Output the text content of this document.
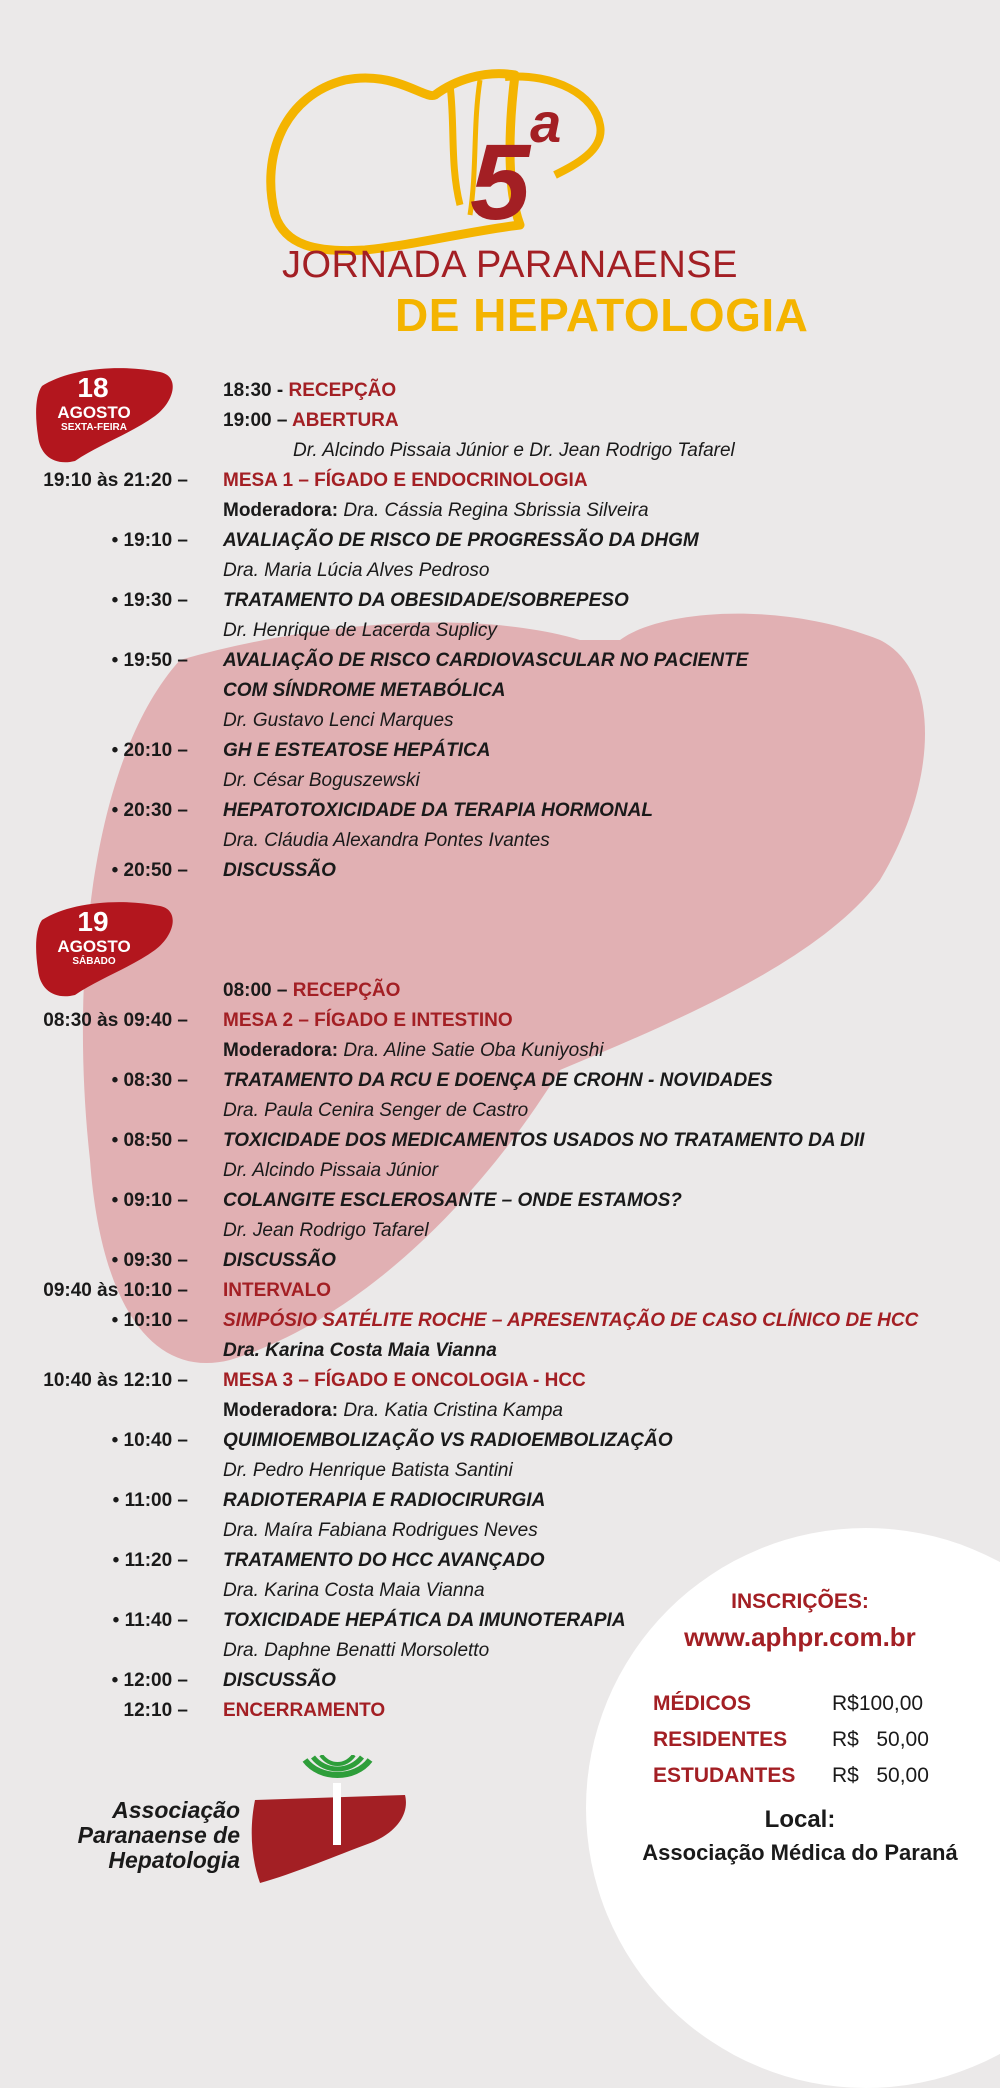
5$^a$
JORNADA PARANAENSE
DE HEPATOLOGIA
18
AGOSTO
SEXTA-FEIRA
19
AGOSTO
SÁBADO
18:30 - RECEPÇÃO
19:00 – ABERTURA
Dr. Alcindo Pissaia Júnior e Dr. Jean Rodrigo Tafarel
19:10 às 21:20 – MESA 1 – FÍGADO E ENDOCRINOLOGIA
Moderadora: Dra. Cássia Regina Sbrissia Silveira
• 19:10 – AVALIAÇÃO DE RISCO DE PROGRESSÃO DA DHGM
Dra. Maria Lúcia Alves Pedroso
• 19:30 – TRATAMENTO DA OBESIDADE/SOBREPESO
Dr. Henrique de Lacerda Suplicy
• 19:50 – AVALIAÇÃO DE RISCO CARDIOVASCULAR NO PACIENTE
COM SÍNDROME METABÓLICA
Dr. Gustavo Lenci Marques
• 20:10 – GH E ESTEATOSE HEPÁTICA
Dr. César Boguszewski
• 20:30 – HEPATOTOXICIDADE DA TERAPIA HORMONAL
Dra. Cláudia Alexandra Pontes Ivantes
• 20:50 – DISCUSSÃO
08:00 – RECEPÇÃO
08:30 às 09:40 – MESA 2 – FÍGADO E INTESTINO
Moderadora: Dra. Aline Satie Oba Kuniyoshi
• 08:30 – TRATAMENTO DA RCU E DOENÇA DE CROHN - NOVIDADES
Dra. Paula Cenira Senger de Castro
• 08:50 – TOXICIDADE DOS MEDICAMENTOS USADOS NO TRATAMENTO DA DII
Dr. Alcindo Pissaia Júnior
• 09:10 – COLANGITE ESCLEROSANTE – ONDE ESTAMOS?
Dr. Jean Rodrigo Tafarel
• 09:30 – DISCUSSÃO
09:40 às 10:10 – INTERVALO
• 10:10 – SIMPÓSIO SATÉLITE ROCHE – APRESENTAÇÃO DE CASO CLÍNICO DE HCC
Dra. Karina Costa Maia Vianna
10:40 às 12:10 – MESA 3 – FÍGADO E ONCOLOGIA - HCC
Moderadora: Dra. Katia Cristina Kampa
• 10:40 – QUIMIOEMBOLIZAÇÃO VS RADIOEMBOLIZAÇÃO
Dr. Pedro Henrique Batista Santini
• 11:00 – RADIOTERAPIA E RADIOCIRURGIA
Dra. Maíra Fabiana Rodrigues Neves
• 11:20 – TRATAMENTO DO HCC AVANÇADO
Dra. Karina Costa Maia Vianna
• 11:40 – TOXICIDADE HEPÁTICA DA IMUNOTERAPIA
Dra. Daphne Benatti Morsoletto
• 12:00 – DISCUSSÃO
12:10 – ENCERRAMENTO
INSCRIÇÕES:
www.aphpr.com.br
MÉDICOS	R$100,00
RESIDENTES R$   50,00
ESTUDANTES R$   50,00
Local:
Associação Médica do Paraná
Associação
Paranaense de
Hepatologia
